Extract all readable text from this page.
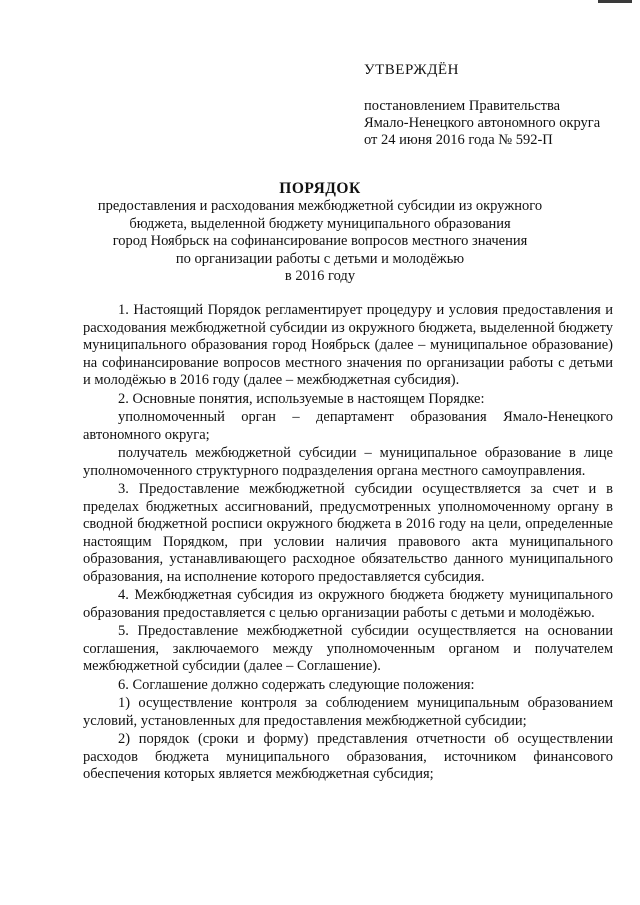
УТВЕРЖДЁН
постановлением Правительства
Ямало-Ненецкого автономного округа
от 24 июня 2016 года № 592-П
ПОРЯДОК
предоставления и расходования межбюджетной субсидии из окружного
бюджета, выделенной бюджету муниципального образования
город Ноябрьск на софинансирование вопросов местного значения
по организации работы с детьми и молодёжью
в 2016 году

1. Настоящий Порядок регламентирует процедуру и условия предоставления и расходования межбюджетной субсидии из окружного бюджета, выделенной бюджету муниципального образования город Ноябрьск (далее – муниципальное образование) на софинансирование вопросов местного значения по организации работы с детьми и молодёжью в 2016 году (далее – межбюджетная субсидия).

2. Основные понятия, используемые в настоящем Порядке:

уполномоченный орган – департамент образования Ямало-Ненецкого автономного округа;

получатель межбюджетной субсидии – муниципальное образование в лице уполномоченного структурного подразделения органа местного самоуправления.

3. Предоставление межбюджетной субсидии осуществляется за счет и в пределах бюджетных ассигнований, предусмотренных уполномоченному органу в сводной бюджетной росписи окружного бюджета в 2016 году на цели, определенные настоящим Порядком, при условии наличия правового акта муниципального образования, устанавливающего расходное обязательство данного муниципального образования, на исполнение которого предоставляется субсидия.

4. Межбюджетная субсидия из окружного бюджета бюджету муниципального образования предоставляется с целью организации работы с детьми и молодёжью.

5. Предоставление межбюджетной субсидии осуществляется на основании соглашения, заключаемого между уполномоченным органом и получателем межбюджетной субсидии (далее – Соглашение).

6. Соглашение должно содержать следующие положения:

1) осуществление контроля за соблюдением муниципальным образованием условий, установленных для предоставления межбюджетной субсидии;

2) порядок (сроки и форму) представления отчетности об осуществлении расходов бюджета муниципального образования, источником финансового обеспечения которых является межбюджетная субсидия;
